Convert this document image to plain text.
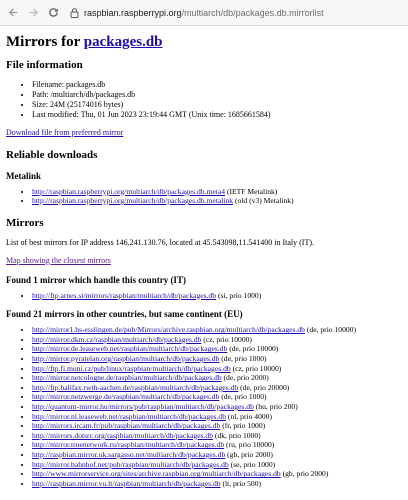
raspbian.raspberrypi.org /multiarch/db/packages.db.mirrorlist
Mirrors for packages.db
File information
• Filename: packages.db
• Path: /multiarch/db/packages.db
• Size: 24M (25174016 bytes)
• Last modified: Thu, 01 Jun 2023 23:19:44 GMT (Unix time: 1685661584)
Download file from preferred mirror
Reliable downloads
Metalink
• http://raspbian.raspberrypi.org/multiarch/db/packages.db.meta4 (IETF Metalink)
• http://raspbian.raspberrypi.org/multiarch/db/packages.db.metalink (old (v3) Metalink)
Mirrors
List of best mirrors for IP address 146.241.130.76, located at 45.543098,11.541400 in Italy (IT).
Map showing the closest mirrors
Found 1 mirror which handle this country (IT)
• http://ftp.arnes.si/mirrors/raspbian/multiarch/db/packages.db (si, prio 1000)
Found 21 mirrors in other countries, but same continent (EU)
• http://mirror1.hs-esslingen.de/pub/Mirrors/archive.raspbian.org/multiarch/db/packages.db (de, prio 10000)
• http://mirror.dkm.cz/raspbian/multiarch/db/packages.db (cz, prio 10000)
• http://mirror.de.leaseweb.net/raspbian/multiarch/db/packages.db (de, prio 10000)
• http://mirror.pyratelan.org/raspbian/multiarch/db/packages.db (de, prio 1000)
• http://ftp.fi.muni.cz/pub/linux/raspbian/multiarch/db/packages.db (cz, prio 10000)
• http://mirror.netcologne.de/raspbian/multiarch/db/packages.db (de, prio 2000)
• http://ftp.halifax.rwth-aachen.de/raspbian/multiarch/db/packages.db (de, prio 20000)
• http://mirror.netzwerge.de/raspbian/multiarch/db/packages.db (de, prio 1000)
• http://quantum-mirror.hu/mirrors/pub/raspbian/multiarch/db/packages.db (hu, prio 200)
• http://mirror.nl.leaseweb.net/raspbian/multiarch/db/packages.db (nl, prio 4000)
• http://mirrors.ircam.fr/pub/raspbian/multiarch/db/packages.db (fr, prio 1000)
• http://mirrors.dotsrc.org/raspbian/multiarch/db/packages.db (dk, prio 1000)
• http://mirror.truenetwork.ru/raspbian/multiarch/db/packages.db (ru, prio 10000)
• http://raspbian.mirror.uk.sargasso.net/multiarch/db/packages.db (gb, prio 2000)
• http://mirror.bahnhof.net/pub/raspbian/multiarch/db/packages.db (se, prio 1000)
• http://www.mirrorservice.org/sites/archive.raspbian.org/multiarch/db/packages.db (gb, prio 2000)
• http://raspbian.mirror.vu.lt/raspbian/multiarch/db/packages.db (lt, prio 500)
